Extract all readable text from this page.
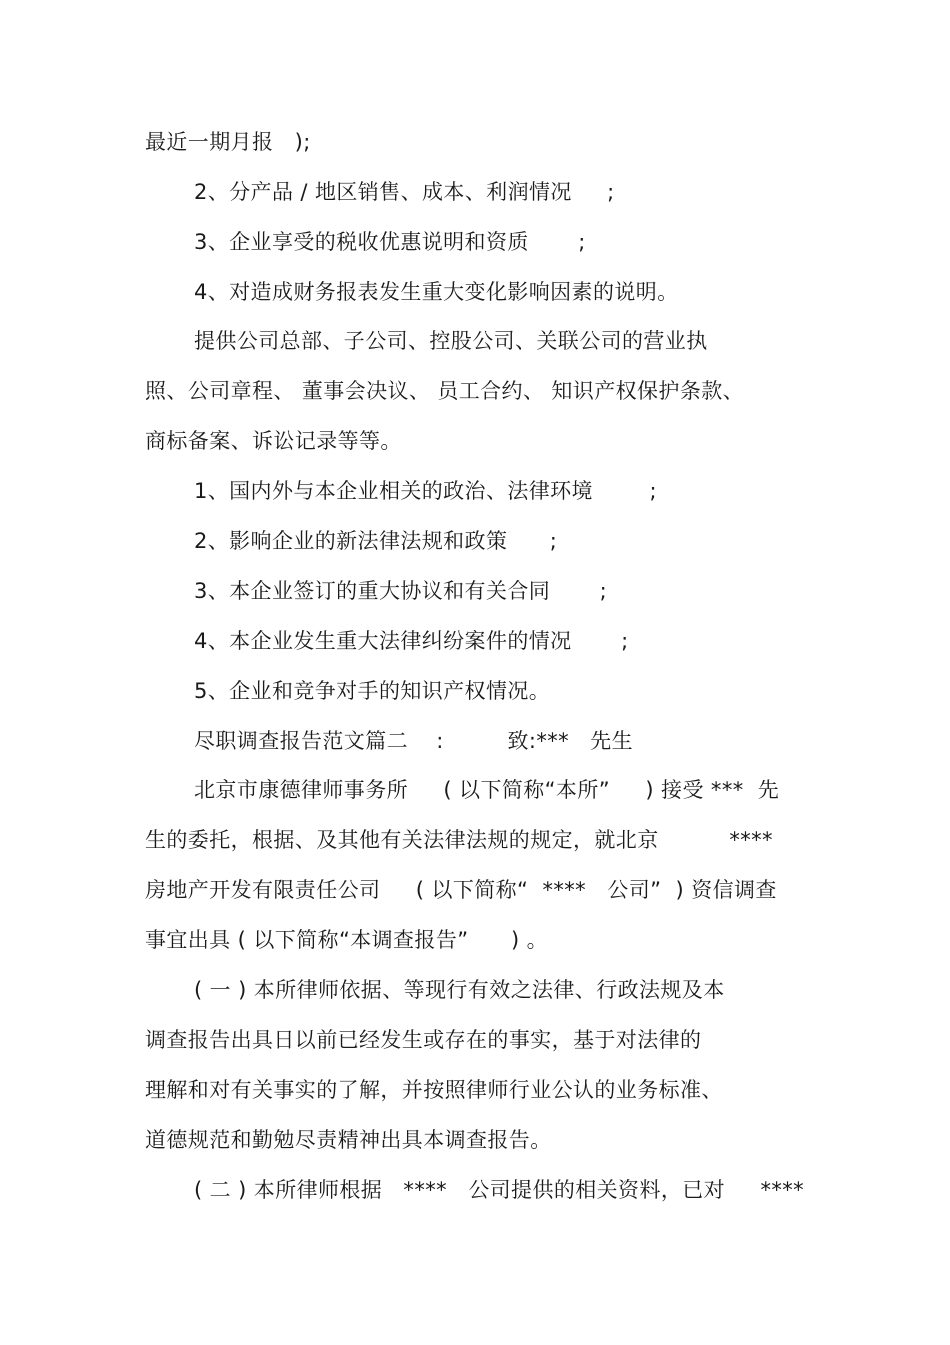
最近一期月报   );
2、分产品 / 地区销售、成本、利润情况     ;
3、企业享受的税收优惠说明和资质       ;
4、对造成财务报表发生重大变化影响因素的说明。
提供公司总部、子公司、控股公司、关联公司的营业执
照、公司章程、 董事会决议、 员工合约、 知识产权保护条款、
商标备案、诉讼记录等等。
1、国内外与本企业相关的政治、法律环境        ;
2、影响企业的新法律法规和政策      ;
3、本企业签订的重大协议和有关合同       ;
4、本企业发生重大法律纠纷案件的情况       ;
5、企业和竞争对手的知识产权情况。
尽职调查报告范文篇二    :         致:***   先生
北京市康德律师事务所     ( 以下简称“本所”     ) 接受 ***  先
生的委托，根据、及其他有关法律法规的规定，就北京          ****
房地产开发有限责任公司     ( 以下简称“  ****   公司”  ) 资信调查
事宜出具 ( 以下简称“本调查报告”      ) 。
( 一 ) 本所律师依据、等现行有效之法律、行政法规及本
调查报告出具日以前已经发生或存在的事实，基于对法律的
理解和对有关事实的了解，并按照律师行业公认的业务标准、
道德规范和勤勉尽责精神出具本调查报告。
( 二 ) 本所律师根据   ****   公司提供的相关资料，已对     ****
